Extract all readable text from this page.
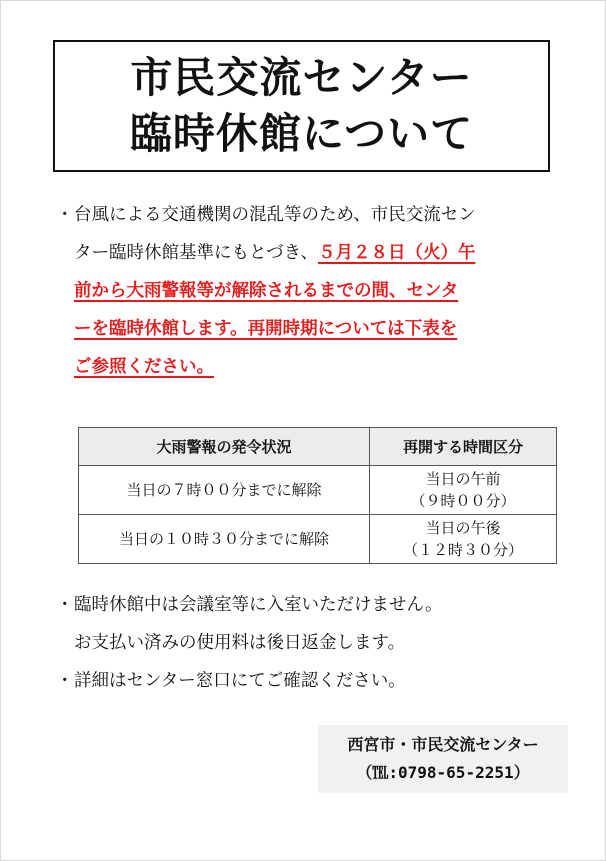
市民交流センター
臨時休館について
・ 台風による交通機関の混乱等のため、市民交流セン
ター臨時休館基準にもとづき、５月２８日（火）午
前から大雨警報等が解除されるまでの間、センタ
ーを臨時休館します。再開時期については下表を
ご参照ください。
大雨警報の発令状況	再開する時間区分
当日の７時００分までに解除	当日の午前
（９時００分）

当日の１０時３０分までに解除	当日の午後
（１２時３０分）
・ 臨時休館中は会議室等に入室いただけません。
お支払い済みの使用料は後日返金します。
・ 詳細はセンター窓口にてご確認ください。
西宮市・市民交流センター
（℡:0798-65-2251）
